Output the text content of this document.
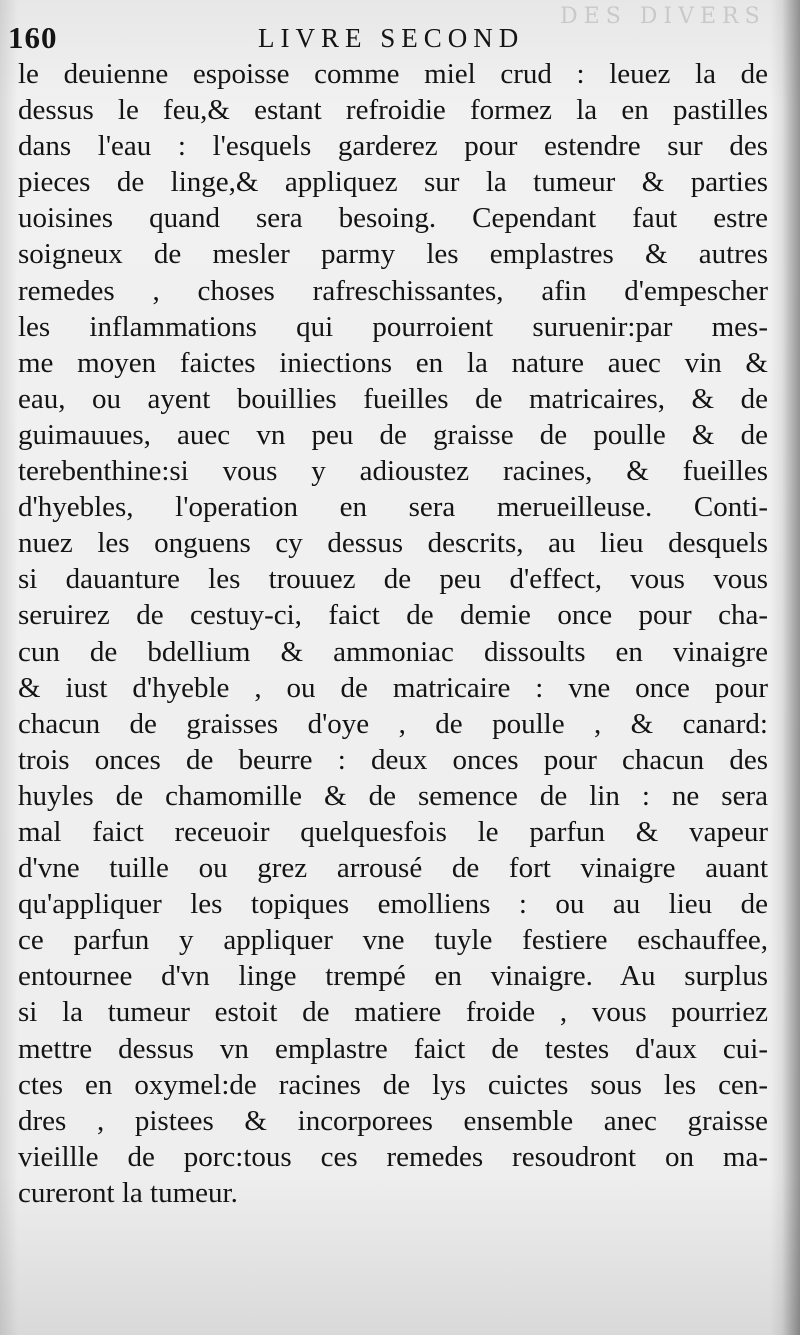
DES DIVERS
160	LIVRE SECOND
le deuienne espoisse comme miel crud : leuez la de
dessus le feu,& estant refroidie formez la en pastilles
dans l'eau : l'esquels garderez pour estendre sur des
pieces de linge,& appliquez sur la tumeur & parties
uoisines quand sera besoing. Cependant faut estre
soigneux de mesler parmy les emplastres & autres
remedes , choses rafreschissantes, afin d'empescher
les inflammations qui pourroient suruenir:par mes-
me moyen faictes iniections en la nature auec vin &
eau, ou ayent bouillies fueilles de matricaires, & de
guimauues, auec vn peu de graisse de poulle & de
terebenthine:si vous y adioustez racines, & fueilles
d'hyebles, l'operation en sera merueilleuse. Conti-
nuez les onguens cy dessus descrits, au lieu desquels
si dauanture les trouuez de peu d'effect, vous vous
seruirez de cestuy-ci, faict de demie once pour cha-
cun de bdellium & ammoniac dissoults en vinaigre
& iust d'hyeble , ou de matricaire : vne once pour
chacun de graisses d'oye , de poulle , & canard:
trois onces de beurre : deux onces pour chacun des
huyles de chamomille & de semence de lin : ne sera
mal faict receuoir quelquesfois le parfun & vapeur
d'vne tuille ou grez arrousé de fort vinaigre auant
qu'appliquer les topiques emolliens : ou au lieu de
ce parfun y appliquer vne tuyle festiere eschauffee,
entournee d'vn linge trempé en vinaigre. Au surplus
si la tumeur estoit de matiere froide , vous pourriez
mettre dessus vn emplastre faict de testes d'aux cui-
ctes en oxymel:de racines de lys cuictes sous les cen-
dres , pistees & incorporees ensemble anec graisse
vieillle de porc:tous ces remedes resoudront on ma-
cureront la tumeur.
